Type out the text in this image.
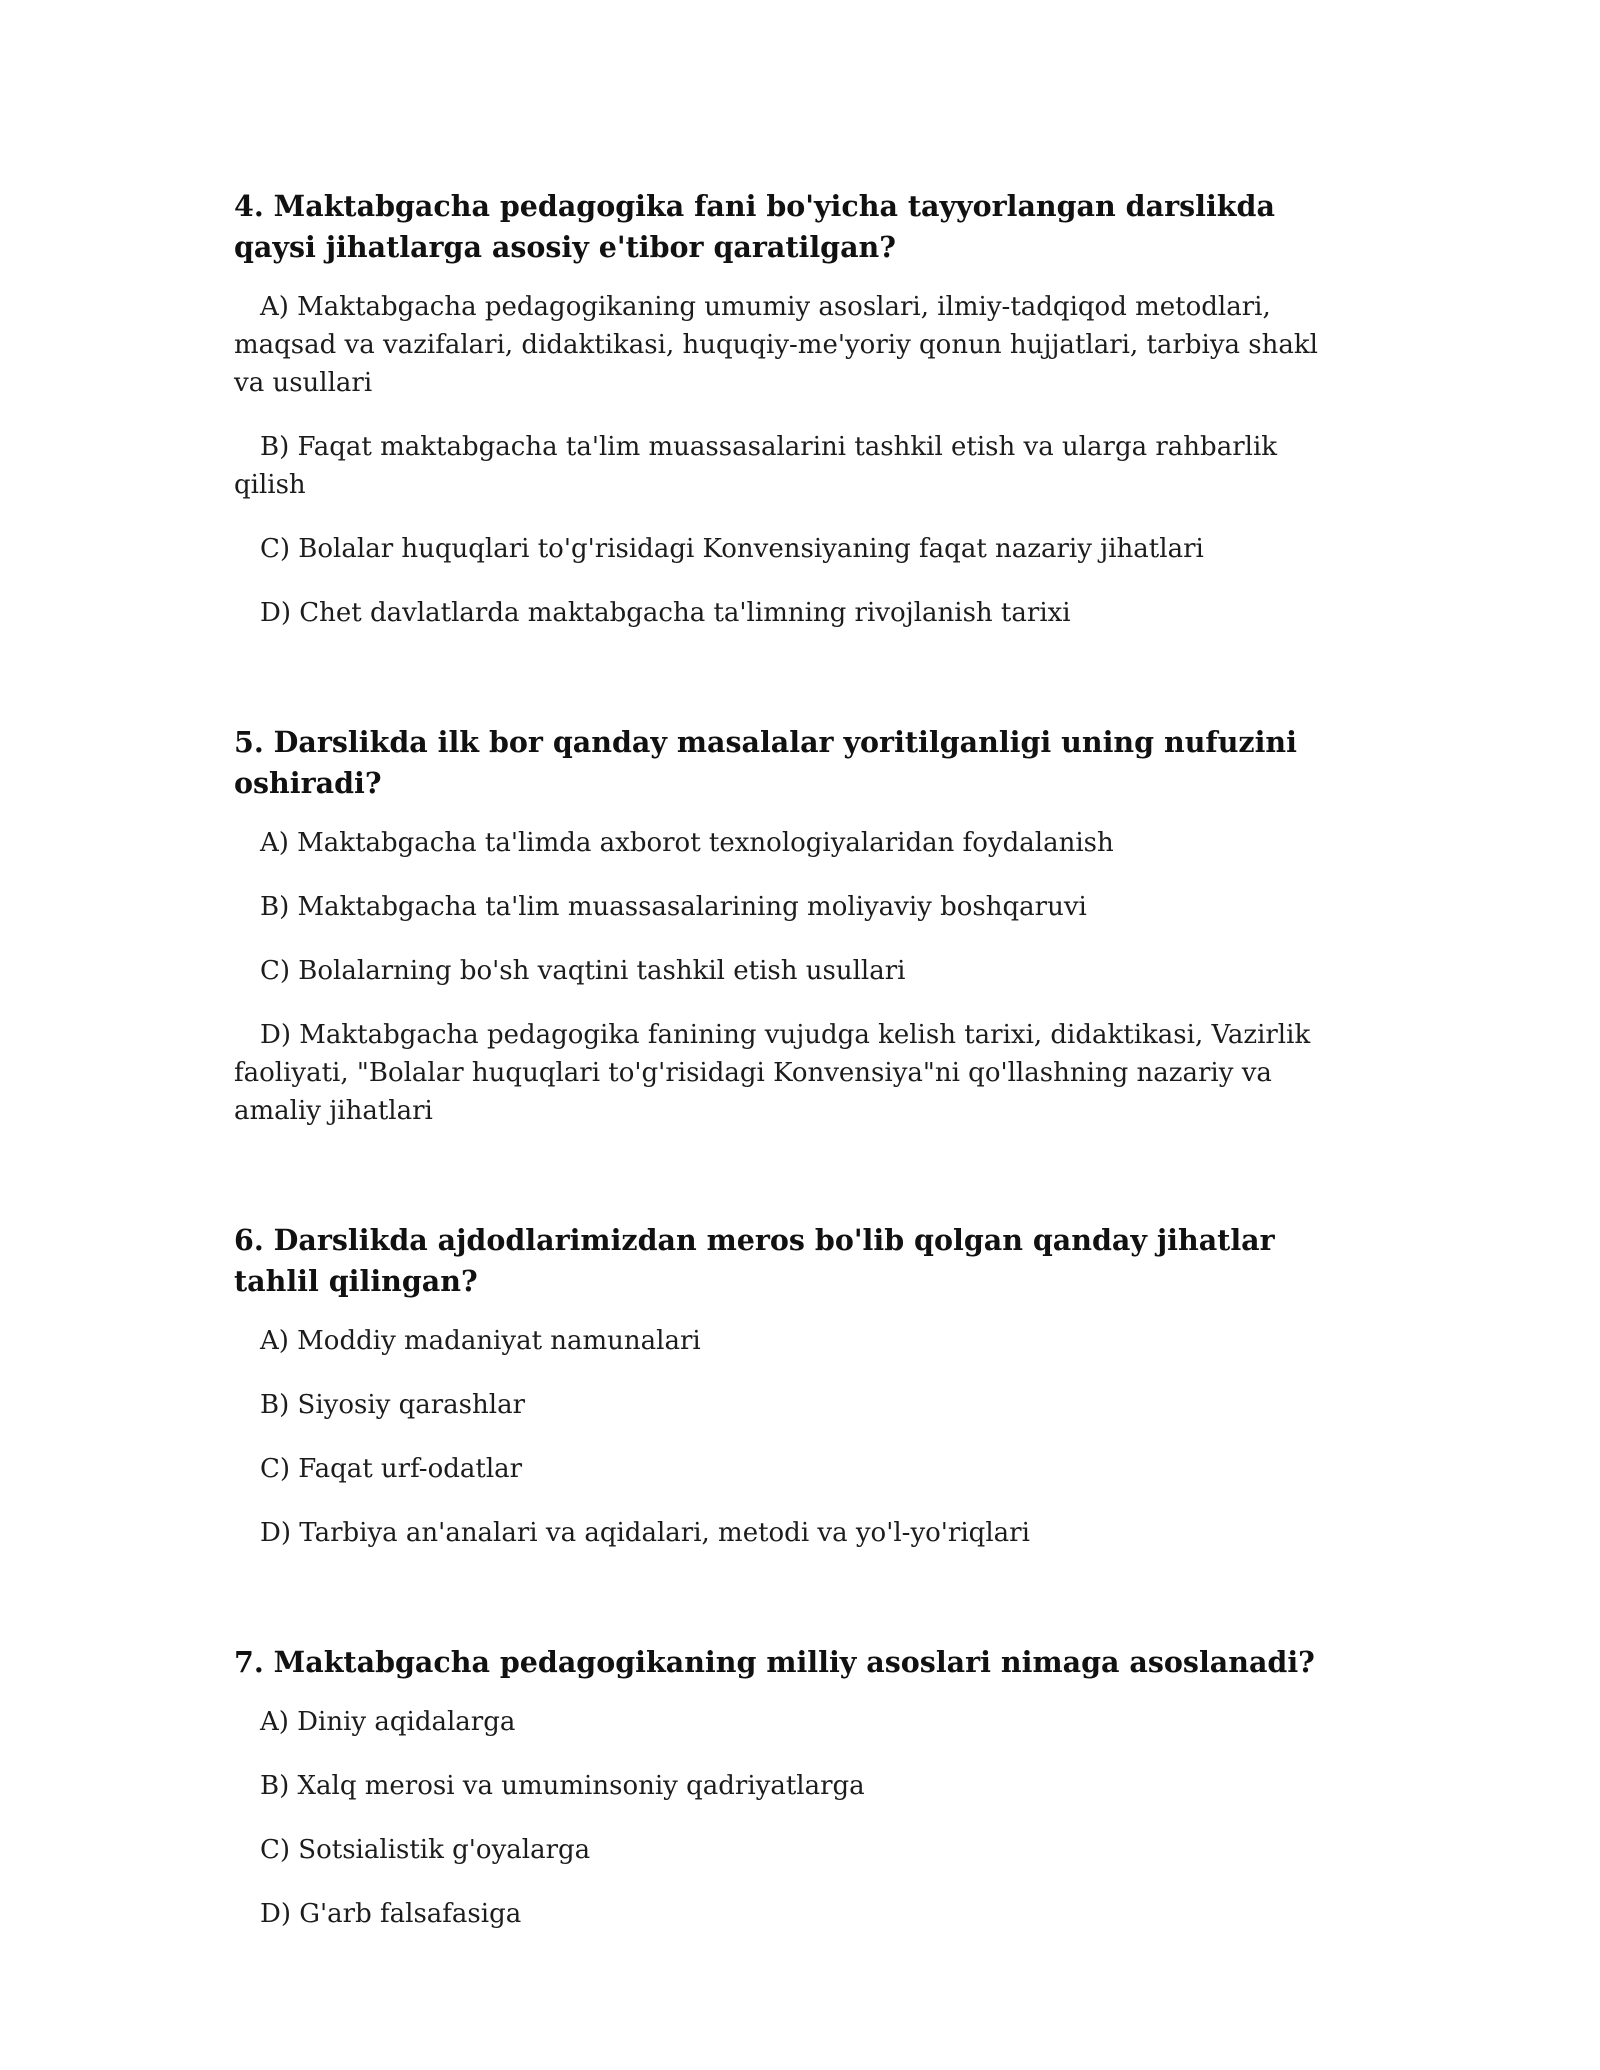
4. Maktabgacha pedagogika fani bo'yicha tayyorlangan darslikda qaysi jihatlarga asosiy e'tibor qaratilgan?

A) Maktabgacha pedagogikaning umumiy asoslari, ilmiy-tadqiqod metodlari, maqsad va vazifalari, didaktikasi, huquqiy-me'yoriy qonun hujjatlari, tarbiya shakl va usullari

B) Faqat maktabgacha ta'lim muassasalarini tashkil etish va ularga rahbarlik qilish

C) Bolalar huquqlari to'g'risidagi Konvensiyaning faqat nazariy jihatlari

D) Chet davlatlarda maktabgacha ta'limning rivojlanish tarixi

5. Darslikda ilk bor qanday masalalar yoritilganligi uning nufuzini oshiradi?

A) Maktabgacha ta'limda axborot texnologiyalaridan foydalanish

B) Maktabgacha ta'lim muassasalarining moliyaviy boshqaruvi

C) Bolalarning bo'sh vaqtini tashkil etish usullari

D) Maktabgacha pedagogika fanining vujudga kelish tarixi, didaktikasi, Vazirlik faoliyati, "Bolalar huquqlari to'g'risidagi Konvensiya"ni qo'llashning nazariy va amaliy jihatlari

6. Darslikda ajdodlarimizdan meros bo'lib qolgan qanday jihatlar tahlil qilingan?

A) Moddiy madaniyat namunalari

B) Siyosiy qarashlar

C) Faqat urf-odatlar

D) Tarbiya an'analari va aqidalari, metodi va yo'l-yo'riqlari

7. Maktabgacha pedagogikaning milliy asoslari nimaga asoslanadi?

A) Diniy aqidalarga

B) Xalq merosi va umuminsoniy qadriyatlarga

C) Sotsialistik g'oyalarga

D) G'arb falsafasiga
